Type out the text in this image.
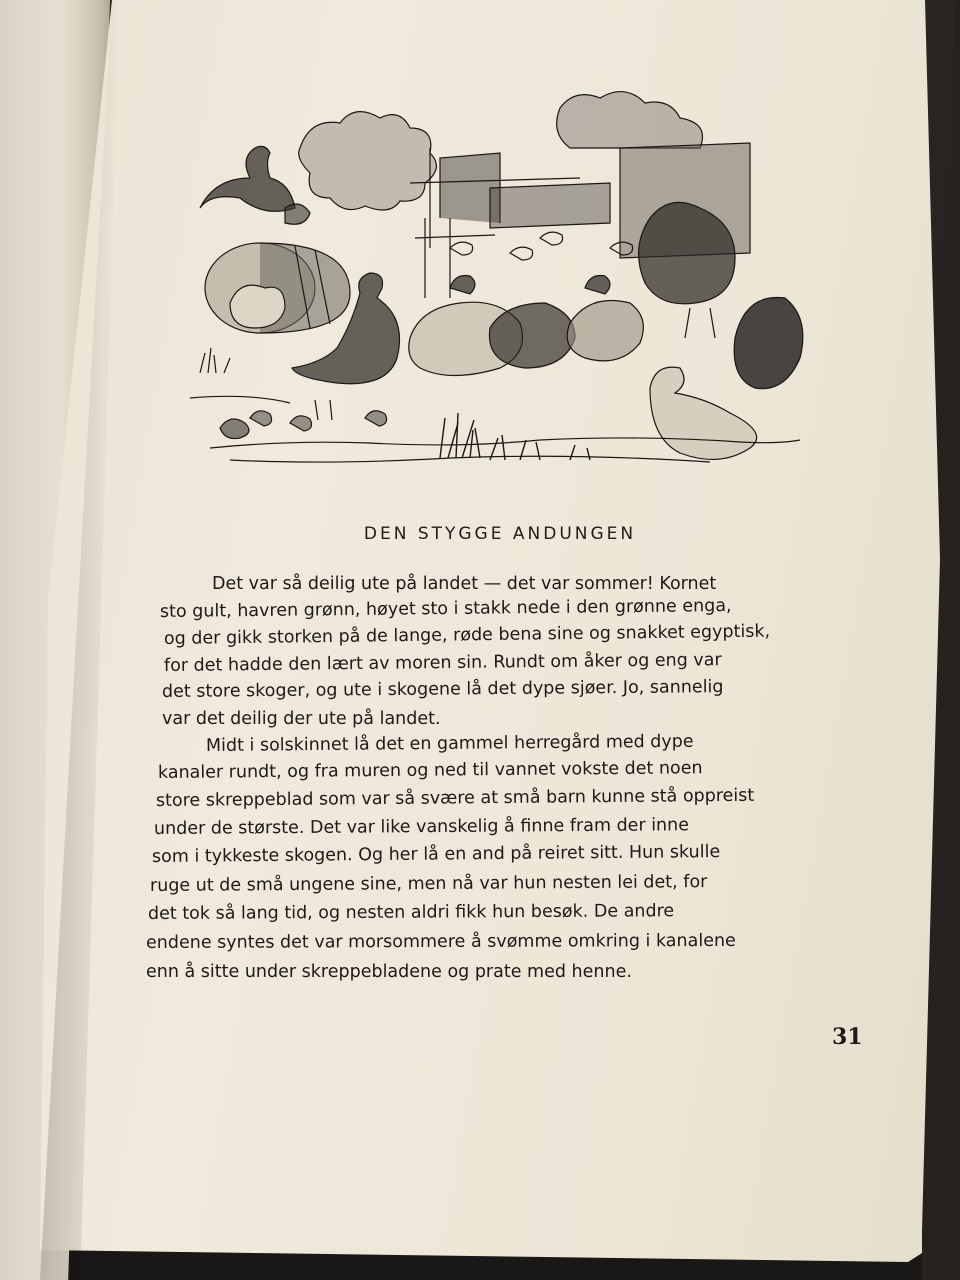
DEN STYGGE ANDUNGEN
Det var så deilig ute på landet — det var sommer! Kornet
sto gult, havren grønn, høyet sto i stakk nede i den grønne enga,
og der gikk storken på de lange, røde bena sine og snakket egyptisk,
for det hadde den lært av moren sin. Rundt om åker og eng var
det store skoger, og ute i skogene lå det dype sjøer. Jo, sannelig
var det deilig der ute på landet.
Midt i solskinnet lå det en gammel herregård med dype
kanaler rundt, og fra muren og ned til vannet vokste det noen
store skreppeblad som var så svære at små barn kunne stå oppreist
under de største. Det var like vanskelig å finne fram der inne
som i tykkeste skogen. Og her lå en and på reiret sitt. Hun skulle
ruge ut de små ungene sine, men nå var hun nesten lei det, for
det tok så lang tid, og nesten aldri fikk hun besøk. De andre
endene syntes det var morsommere å svømme omkring i kanalene
enn å sitte under skreppebladene og prate med henne.
31
